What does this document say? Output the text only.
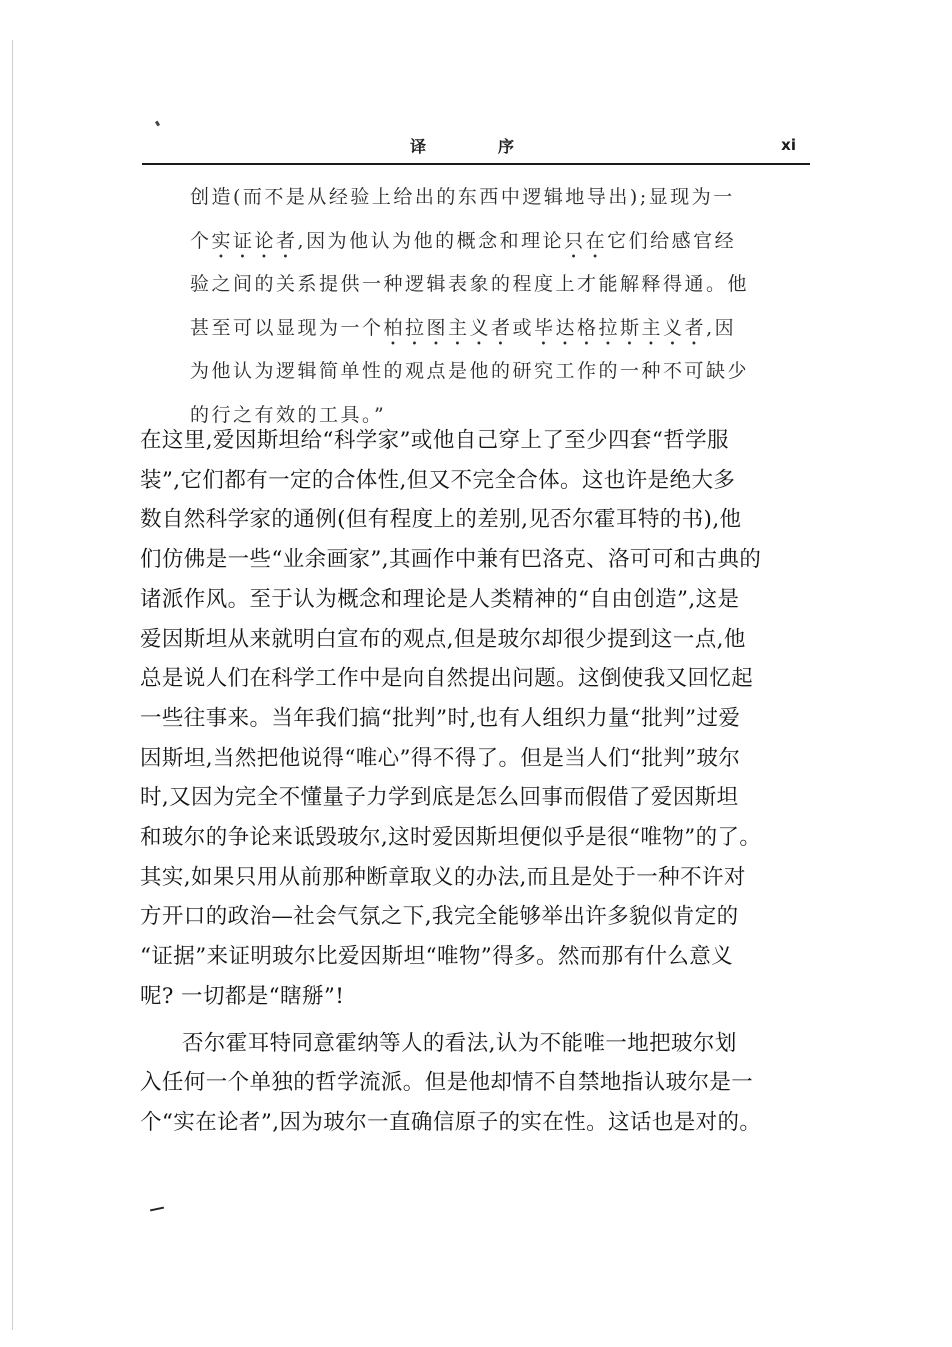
译　序	xi

创造(而不是从经验上给出的东西中逻辑地导出);显现为一

个实证论者,因为他认为他的概念和理论只在它们给感官经

验之间的关系提供一种逻辑表象的程度上才能解释得通。他

甚至可以显现为一个柏拉图主义者或毕达格拉斯主义者,因

为他认为逻辑简单性的观点是他的研究工作的一种不可缺少

的行之有效的工具。”

在这里,爱因斯坦给“科学家”或他自己穿上了至少四套“哲学服
装”,它们都有一定的合体性,但又不完全合体。这也许是绝大多
数自然科学家的通例(但有程度上的差别,见否尔霍耳特的书),他
们仿佛是一些“业余画家”,其画作中兼有巴洛克、洛可可和古典的
诸派作风。至于认为概念和理论是人类精神的“自由创造”,这是
爱因斯坦从来就明白宣布的观点,但是玻尔却很少提到这一点,他
总是说人们在科学工作中是向自然提出问题。这倒使我又回忆起
一些往事来。当年我们搞“批判”时,也有人组织力量“批判”过爱
因斯坦,当然把他说得“唯心”得不得了。但是当人们“批判”玻尔
时,又因为完全不懂量子力学到底是怎么回事而假借了爱因斯坦
和玻尔的争论来诋毁玻尔,这时爱因斯坦便似乎是很“唯物”的了。
其实,如果只用从前那种断章取义的办法,而且是处于一种不许对
方开口的政治—社会气氛之下,我完全能够举出许多貌似肯定的
“证据”来证明玻尔比爱因斯坦“唯物”得多。然而那有什么意义
呢? 一切都是“瞎掰”!

否尔霍耳特同意霍纳等人的看法,认为不能唯一地把玻尔划
入任何一个单独的哲学流派。但是他却情不自禁地指认玻尔是一
个“实在论者”,因为玻尔一直确信原子的实在性。这话也是对的。
